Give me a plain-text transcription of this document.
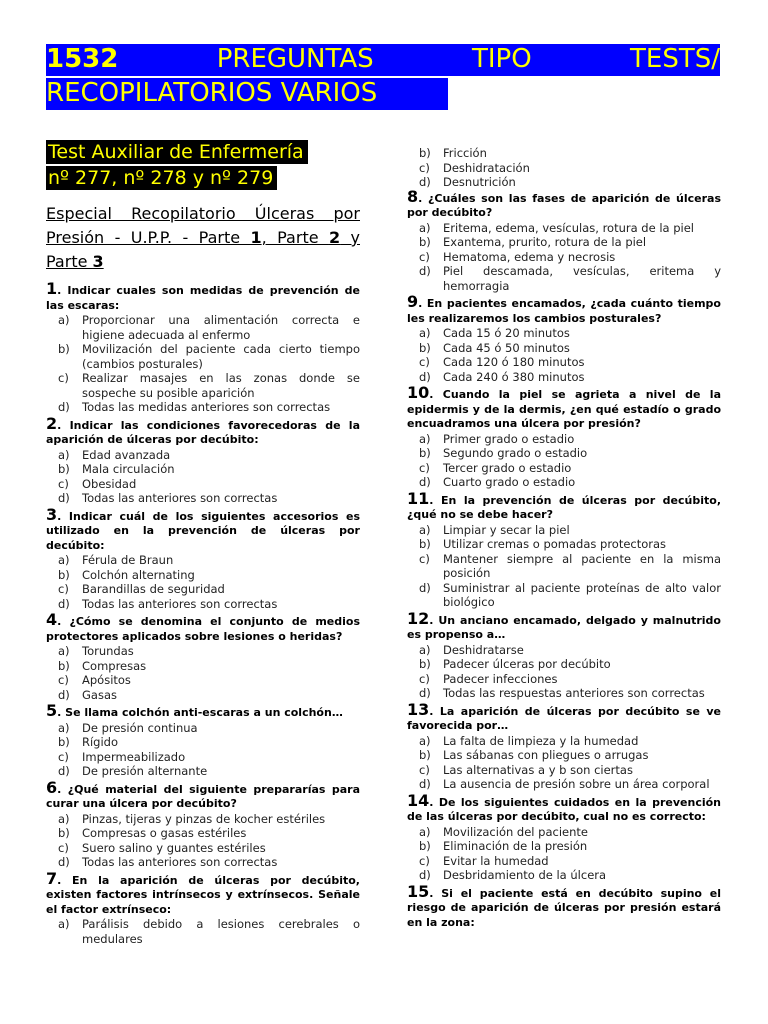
1532	PREGUNTAS	TIPO	TESTS/
RECOPILATORIOS VARIOS
Test Auxiliar de Enfermería
nº 277, nº 278 y nº 279
Especial Recopilatorio Úlceras por Presión - U.P.P. - Parte 1, Parte 2 y Parte 3
1. Indicar cuales son medidas de prevención de las escaras:
a)	Proporcionar una alimentación correcta e higiene adecuada al enfermo
b)	Movilización del paciente cada cierto tiempo (cambios posturales)
c)	Realizar masajes en las zonas donde se sospeche su posible aparición
d)	Todas las medidas anteriores son correctas
2. Indicar las condiciones favorecedoras de la aparición de úlceras por decúbito:
a)	Edad avanzada
b)	Mala circulación
c)	Obesidad
d)	Todas las anteriores son correctas
3. Indicar cuál de los siguientes accesorios es utilizado en la prevención de úlceras por decúbito:
a)	Férula de Braun
b)	Colchón alternating
c)	Barandillas de seguridad
d)	Todas las anteriores son correctas
4. ¿Cómo se denomina el conjunto de medios protectores aplicados sobre lesiones o heridas?
a)	Torundas
b)	Compresas
c)	Apósitos
d)	Gasas
5. Se llama colchón anti-escaras a un colchón…
a)	De presión continua
b)	Rígido
c)	Impermeabilizado
d)	De presión alternante
6. ¿Qué material del siguiente prepararías para curar una úlcera por decúbito?
a)	Pinzas, tijeras y pinzas de kocher estériles
b)	Compresas o gasas estériles
c)	Suero salino y guantes estériles
d)	Todas las anteriores son correctas
7. En la aparición de úlceras por decúbito, existen factores intrínsecos y extrínsecos. Señale el factor extrínseco:
a)	Parálisis debido a lesiones cerebrales o medulares
b)	Fricción
c)	Deshidratación
d)	Desnutrición
8. ¿Cuáles son las fases de aparición de úlceras por decúbito?
a)	Eritema, edema, vesículas, rotura de la piel
b)	Exantema, prurito, rotura de la piel
c)	Hematoma, edema y necrosis
d)	Piel descamada, vesículas, eritema y hemorragia
9. En pacientes encamados, ¿cada cuánto tiempo les realizaremos los cambios posturales?
a)	Cada 15 ó 20 minutos
b)	Cada 45 ó 50 minutos
c)	Cada 120 ó 180 minutos
d)	Cada 240 ó 380 minutos
10. Cuando la piel se agrieta a nivel de la epidermis y de la dermis, ¿en qué estadío o grado encuadramos una úlcera por presión?
a)	Primer grado o estadio
b)	Segundo grado o estadio
c)	Tercer grado o estadio
d)	Cuarto grado o estadio
11. En la prevención de úlceras por decúbito, ¿qué no se debe hacer?
a)	Limpiar y secar la piel
b)	Utilizar cremas o pomadas protectoras
c)	Mantener siempre al paciente en la misma posición
d)	Suministrar al paciente proteínas de alto valor biológico
12. Un anciano encamado, delgado y malnutrido es propenso a…
a)	Deshidratarse
b)	Padecer úlceras por decúbito
c)	Padecer infecciones
d)	Todas las respuestas anteriores son correctas
13. La aparición de úlceras por decúbito se ve favorecida por…
a)	La falta de limpieza y la humedad
b)	Las sábanas con pliegues o arrugas
c)	Las alternativas a y b son ciertas
d)	La ausencia de presión sobre un área corporal
14. De los siguientes cuidados en la prevención de las úlceras por decúbito, cual no es correcto:
a)	Movilización del paciente
b)	Eliminación de la presión
c)	Evitar la humedad
d)	Desbridamiento de la úlcera
15. Si el paciente está en decúbito supino el riesgo de aparición de úlceras por presión estará en la zona:
